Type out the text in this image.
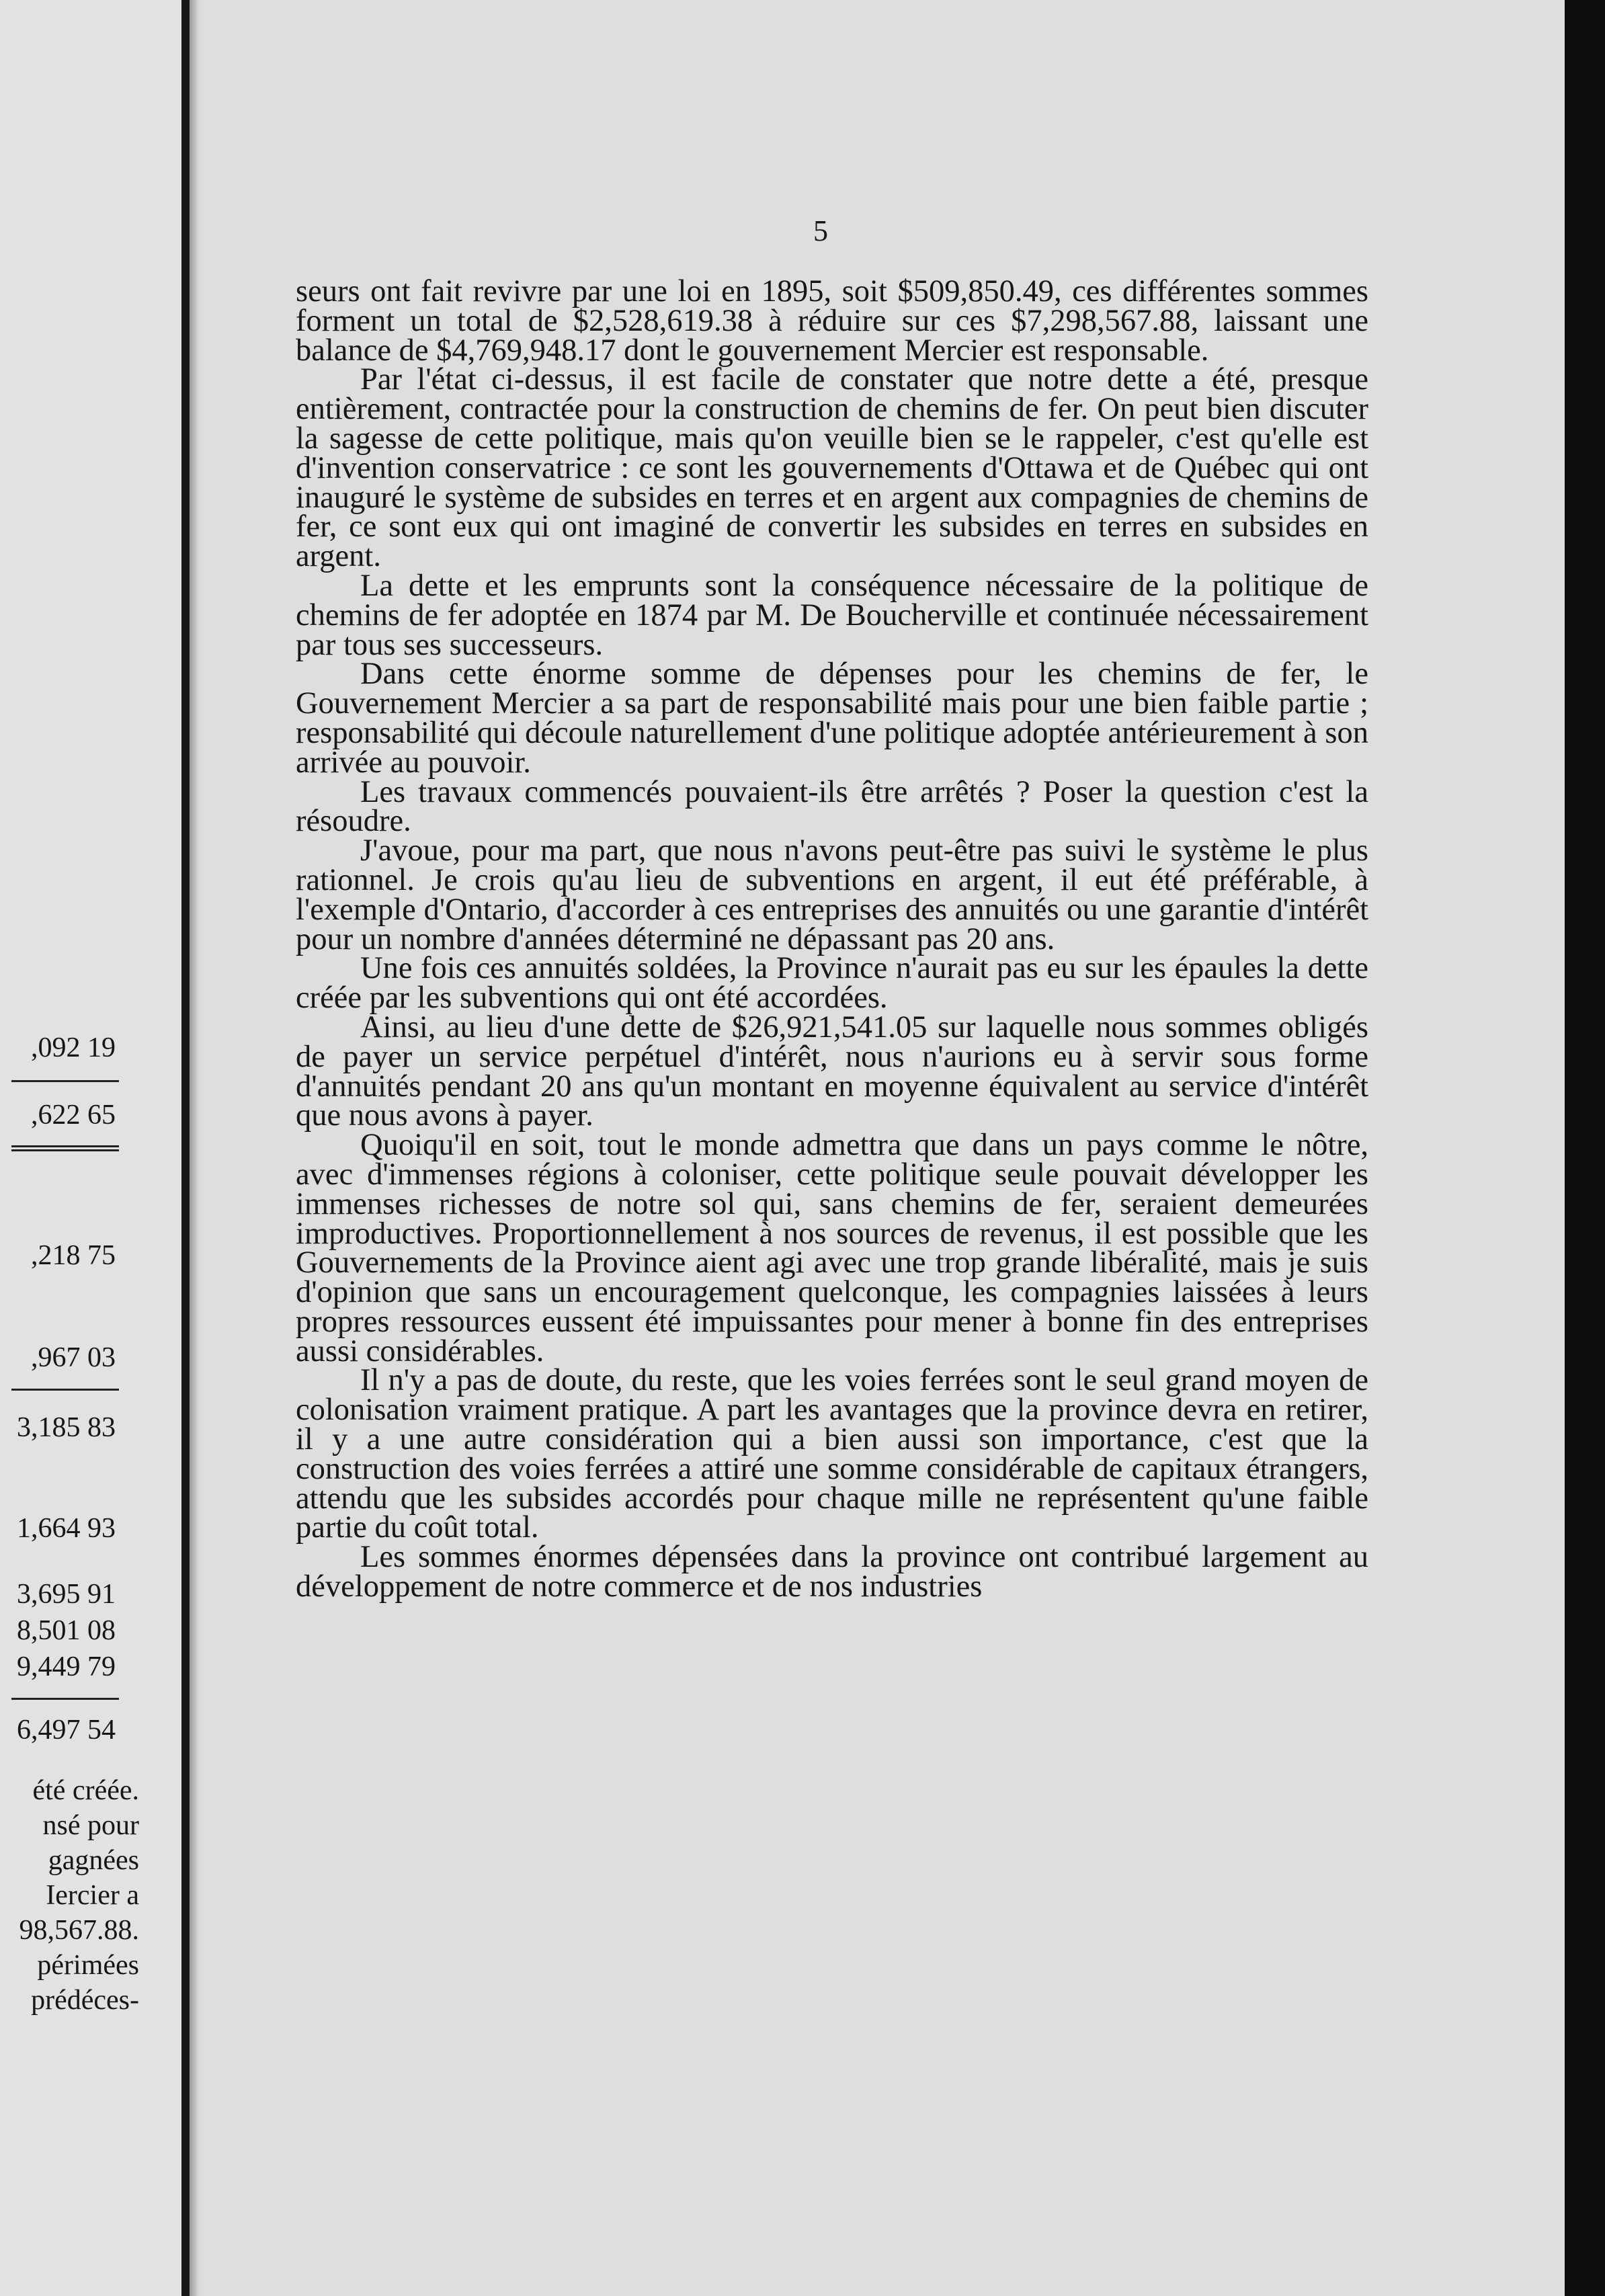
,092 19
,622 65
,218 75
,967 03
3,185 83
1,664 93
3,695 91
8,501 08
9,449 79
6,497 54
été créée.
nsé pour
gagnées
Iercier a
98,567.88.
périmées
prédéces-
5

seurs ont fait revivre par une loi en 1895, soit $509,850.49, ces différentes sommes forment un total de $2,528,619.38 à réduire sur ces $7,298,567.88, laissant une balance de $4,769,948.17 dont le gouvernement Mercier est responsable.

Par l'état ci-dessus, il est facile de constater que notre dette a été, presque entièrement, contractée pour la construction de chemins de fer. On peut bien discuter la sagesse de cette politique, mais qu'on veuille bien se le rappeler, c'est qu'elle est d'invention conservatrice : ce sont les gouvernements d'Ottawa et de Québec qui ont inauguré le système de subsides en terres et en argent aux compagnies de chemins de fer, ce sont eux qui ont imaginé de convertir les subsides en terres en subsides en argent.

La dette et les emprunts sont la conséquence nécessaire de la politique de chemins de fer adoptée en 1874 par M. De Boucherville et continuée nécessairement par tous ses successeurs.

Dans cette énorme somme de dépenses pour les chemins de fer, le Gouvernement Mercier a sa part de responsabilité mais pour une bien faible partie ; responsabilité qui découle naturellement d'une politique adoptée antérieurement à son arrivée au pouvoir.

Les travaux commencés pouvaient-ils être arrêtés ? Poser la question c'est la résoudre.

J'avoue, pour ma part, que nous n'avons peut-être pas suivi le système le plus rationnel. Je crois qu'au lieu de subventions en argent, il eut été préférable, à l'exemple d'Ontario, d'accorder à ces entreprises des annuités ou une garantie d'intérêt pour un nombre d'années déterminé ne dépassant pas 20 ans.

Une fois ces annuités soldées, la Province n'aurait pas eu sur les épaules la dette créée par les subventions qui ont été accordées.

Ainsi, au lieu d'une dette de $26,921,541.05 sur laquelle nous sommes obligés de payer un service perpétuel d'intérêt, nous n'aurions eu à servir sous forme d'annuités pendant 20 ans qu'un montant en moyenne équivalent au service d'intérêt que nous avons à payer.

Quoiqu'il en soit, tout le monde admettra que dans un pays comme le nôtre, avec d'immenses régions à coloniser, cette politique seule pouvait développer les immenses richesses de notre sol qui, sans chemins de fer, seraient demeurées improductives. Proportionnellement à nos sources de revenus, il est possible que les Gouvernements de la Province aient agi avec une trop grande libéralité, mais je suis d'opinion que sans un encouragement quelconque, les compagnies laissées à leurs propres ressources eussent été impuissantes pour mener à bonne fin des entreprises aussi considérables.

Il n'y a pas de doute, du reste, que les voies ferrées sont le seul grand moyen de colonisation vraiment pratique. A part les avantages que la province devra en retirer, il y a une autre considération qui a bien aussi son importance, c'est que la construction des voies ferrées a attiré une somme considérable de capitaux étrangers, attendu que les subsides accordés pour chaque mille ne représentent qu'une faible partie du coût total.

Les sommes énormes dépensées dans la province ont contribué largement au développement de notre commerce et de nos industries
